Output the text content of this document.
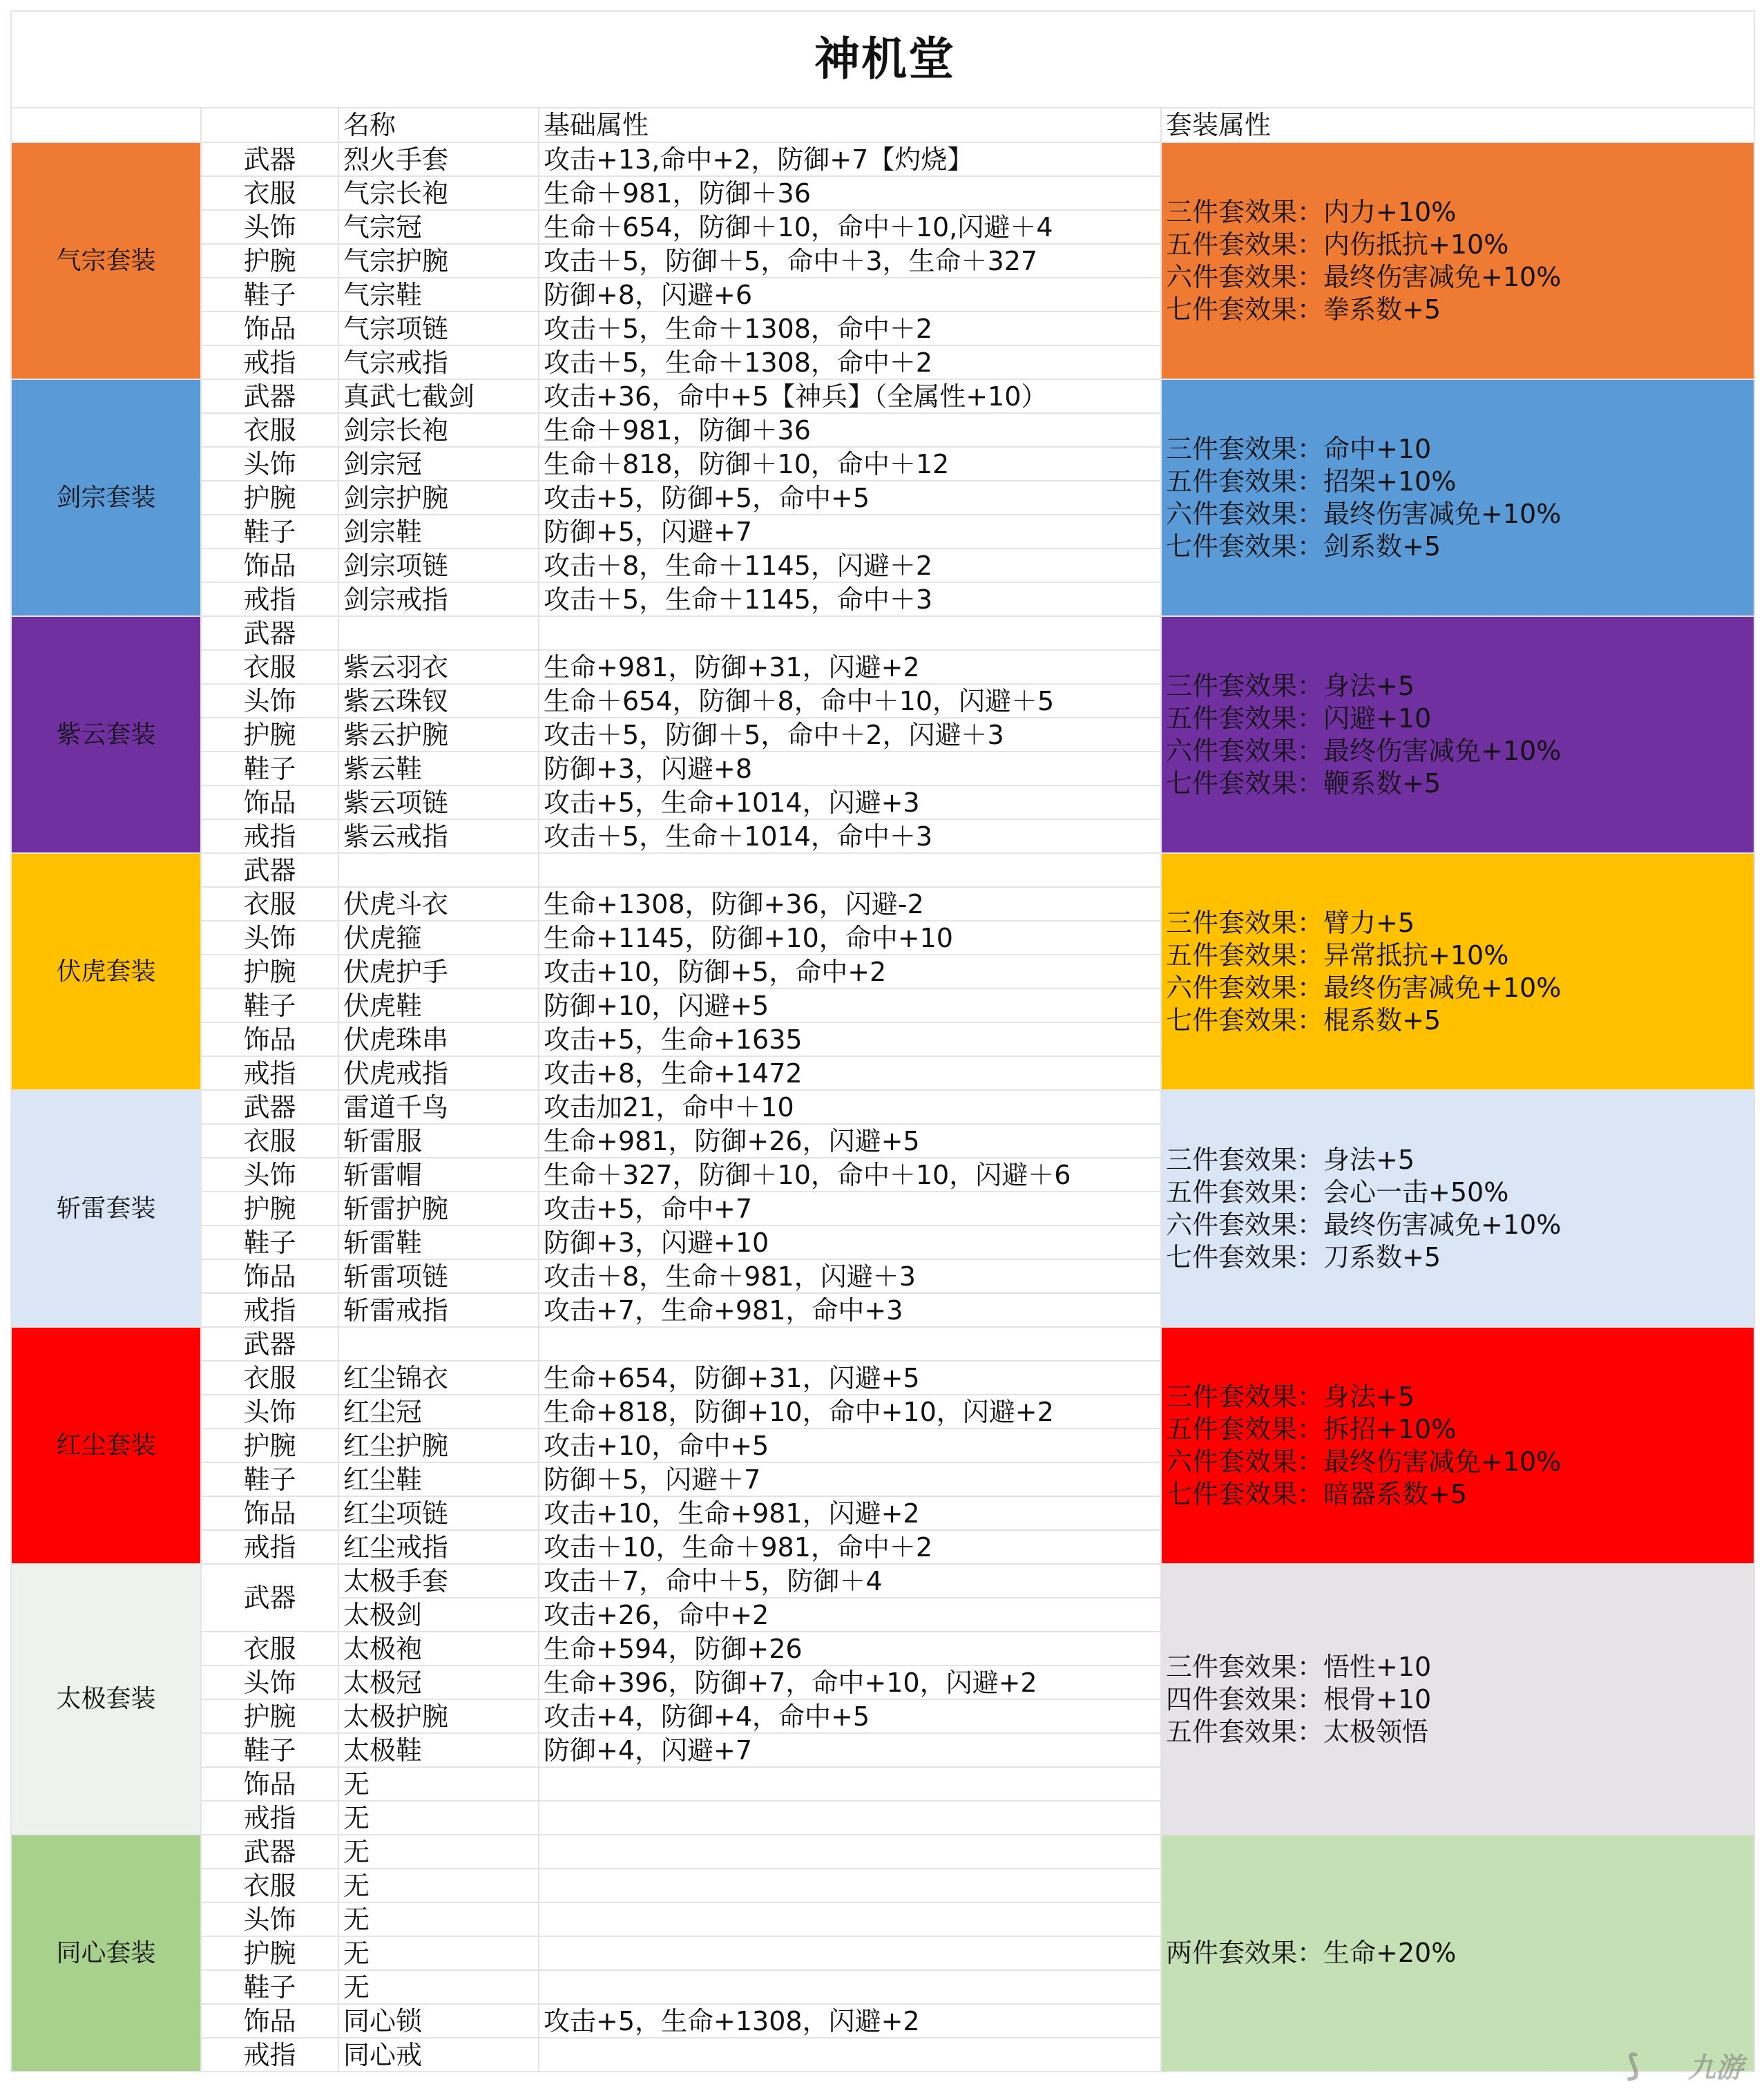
神机堂				
		名称	基础属性	套装属性
气宗套装	武器	烈火手套	攻击+13,命中+2，防御+7【灼烧】	三件套效果：内力+10%
五件套效果：内伤抵抗+10%
六件套效果：最终伤害减免+10%
七件套效果：拳系数+5

	衣服	气宗长袍	生命＋981，防御＋36	
	头饰	气宗冠	生命＋654，防御＋10，命中＋10,闪避＋4	
	护腕	气宗护腕	攻击＋5，防御＋5，命中＋3，生命＋327	
	鞋子	气宗鞋	防御+8，闪避+6	
	饰品	气宗项链	攻击＋5，生命＋1308，命中＋2	
	戒指	气宗戒指	攻击＋5，生命＋1308，命中＋2	
剑宗套装	武器	真武七截剑	攻击+36，命中+5【神兵】（全属性+10）	三件套效果：命中+10
五件套效果：招架+10%
六件套效果：最终伤害减免+10%
七件套效果：剑系数+5

	衣服	剑宗长袍	生命＋981，防御＋36	
	头饰	剑宗冠	生命＋818，防御＋10，命中＋12	
	护腕	剑宗护腕	攻击+5，防御+5，命中+5	
	鞋子	剑宗鞋	防御+5，闪避+7	
	饰品	剑宗项链	攻击＋8，生命＋1145，闪避＋2	
	戒指	剑宗戒指	攻击＋5，生命＋1145，命中＋3	
紫云套装	武器			三件套效果：身法+5
五件套效果：闪避+10
六件套效果：最终伤害减免+10%
七件套效果：鞭系数+5

	衣服	紫云羽衣	生命+981，防御+31，闪避+2	
	头饰	紫云珠钗	生命＋654，防御＋8，命中＋10，闪避＋5	
	护腕	紫云护腕	攻击＋5，防御＋5，命中＋2，闪避＋3	
	鞋子	紫云鞋	防御+3，闪避+8	
	饰品	紫云项链	攻击+5，生命+1014，闪避+3	
	戒指	紫云戒指	攻击＋5，生命＋1014，命中＋3	
伏虎套装	武器			三件套效果：臂力+5
五件套效果：异常抵抗+10%
六件套效果：最终伤害减免+10%
七件套效果：棍系数+5

	衣服	伏虎斗衣	生命+1308，防御+36，闪避-2	
	头饰	伏虎箍	生命+1145，防御+10，命中+10	
	护腕	伏虎护手	攻击+10，防御+5，命中+2	
	鞋子	伏虎鞋	防御+10，闪避+5	
	饰品	伏虎珠串	攻击+5，生命+1635	
	戒指	伏虎戒指	攻击+8，生命+1472	
斩雷套装	武器	雷道千鸟	攻击加21，命中＋10	三件套效果：身法+5
五件套效果：会心一击+50%
六件套效果：最终伤害减免+10%
七件套效果：刀系数+5

	衣服	斩雷服	生命+981，防御+26，闪避+5	
	头饰	斩雷帽	生命＋327，防御＋10，命中＋10，闪避＋6	
	护腕	斩雷护腕	攻击+5，命中+7	
	鞋子	斩雷鞋	防御+3，闪避+10	
	饰品	斩雷项链	攻击＋8，生命＋981，闪避＋3	
	戒指	斩雷戒指	攻击+7，生命+981，命中+3	
红尘套装	武器			三件套效果：身法+5
五件套效果：拆招+10%
六件套效果：最终伤害减免+10%
七件套效果：暗器系数+5

	衣服	红尘锦衣	生命+654，防御+31，闪避+5	
	头饰	红尘冠	生命+818，防御+10，命中+10，闪避+2	
	护腕	红尘护腕	攻击+10，命中+5	
	鞋子	红尘鞋	防御＋5，闪避＋7	
	饰品	红尘项链	攻击+10，生命+981，闪避+2	
	戒指	红尘戒指	攻击＋10，生命＋981，命中＋2	
太极套装	武器	太极手套	攻击＋7，命中＋5，防御＋4	三件套效果：悟性+10
四件套效果：根骨+10
五件套效果：太极领悟

		太极剑	攻击+26，命中+2	
	衣服	太极袍	生命+594，防御+26	
	头饰	太极冠	生命+396，防御+7，命中+10，闪避+2	
	护腕	太极护腕	攻击+4，防御+4，命中+5	
	鞋子	太极鞋	防御+4，闪避+7	
	饰品	无		
	戒指	无		
同心套装	武器	无		两件套效果：生命+20%

	衣服	无		
	头饰	无		
	护腕	无		
	鞋子	无		
	饰品	同心锁	攻击+5，生命+1308，闪避+2	
	戒指	同心戒			⟆	九游
